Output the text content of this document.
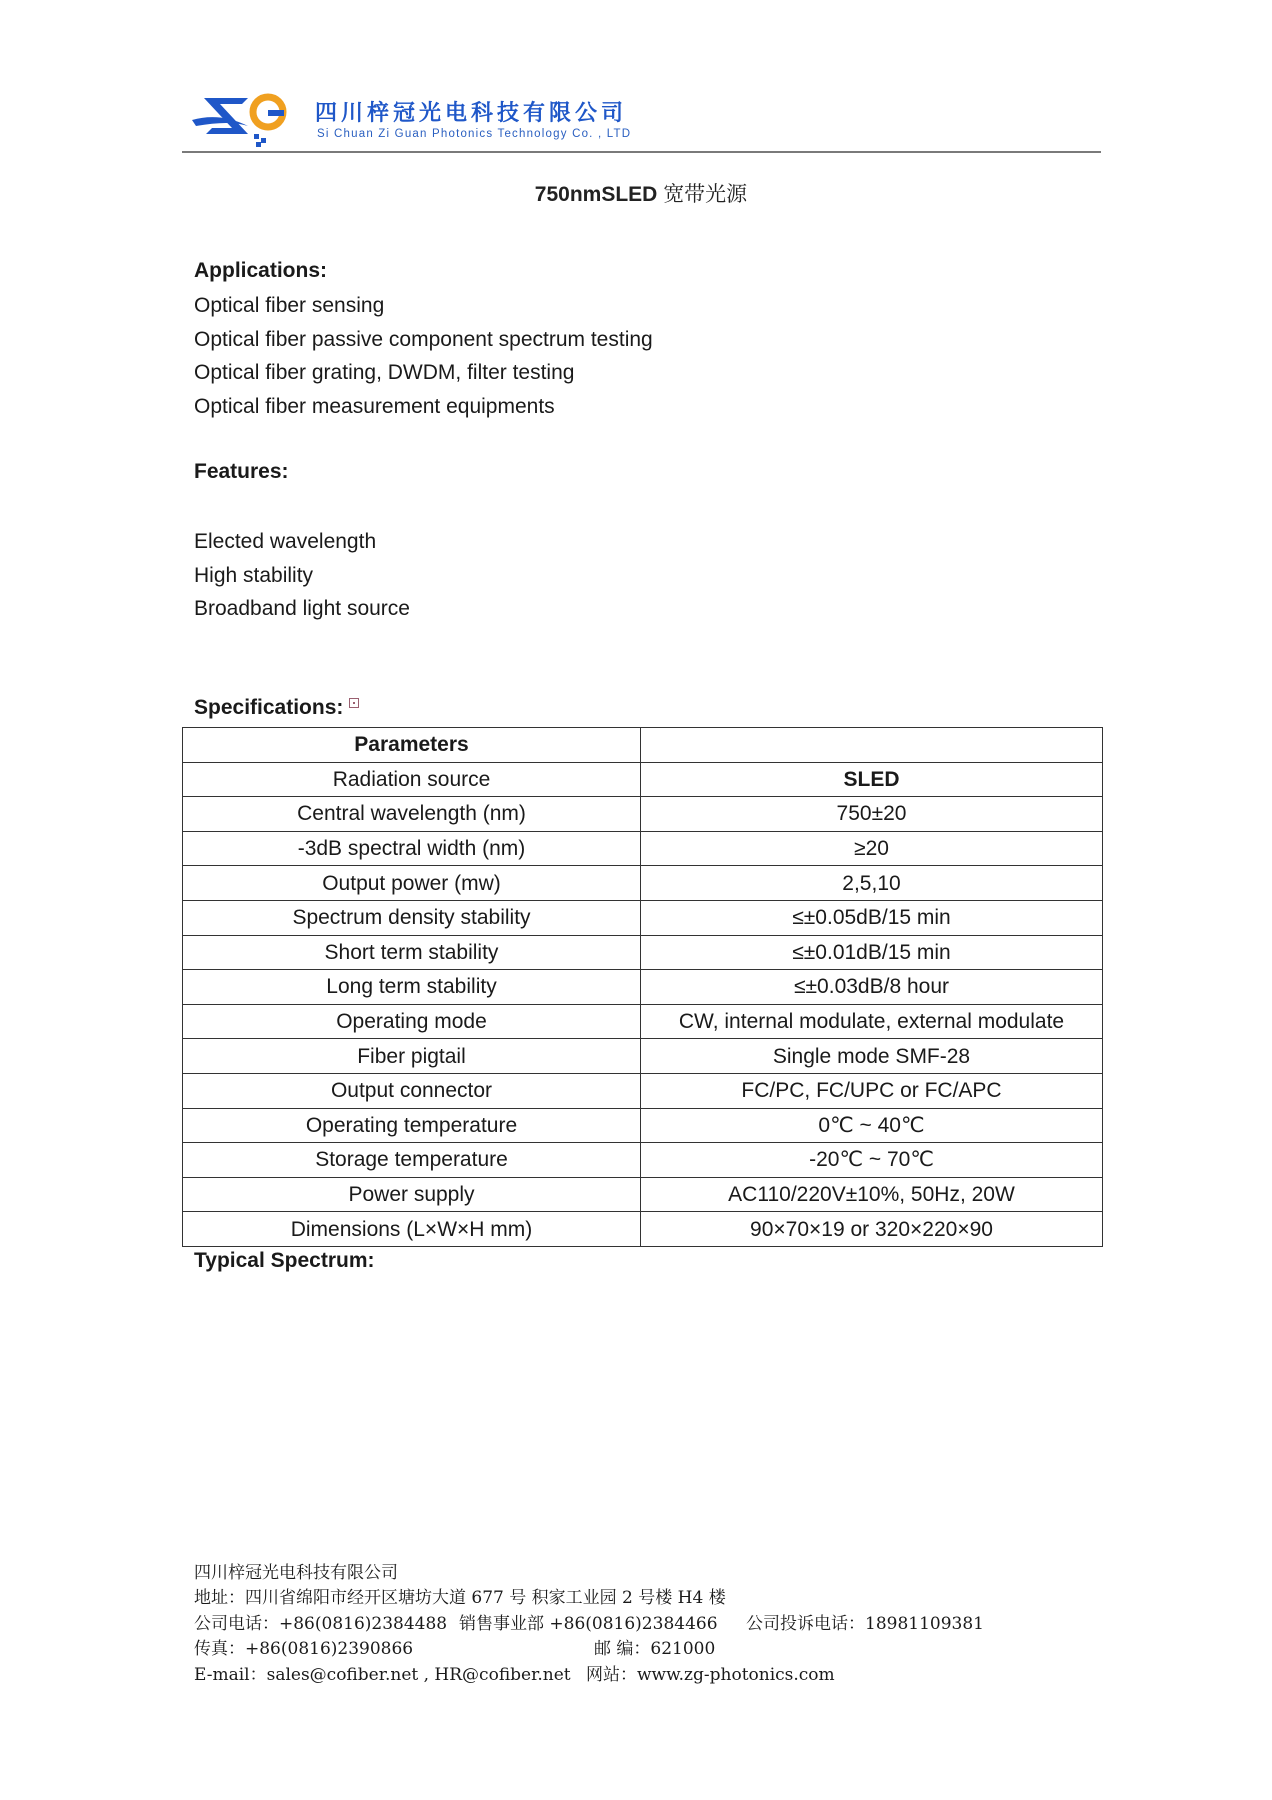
四川梓冠光电科技有限公司
Si Chuan Zi Guan Photonics Technology Co. , LTD
750nmSLED 宽带光源
Applications:
Optical fiber sensing
Optical fiber passive component spectrum testing
Optical fiber grating, DWDM, filter testing
Optical fiber measurement equipments
Features:
Elected wavelength
High stability
Broadband light source
Specifications:
Parameters	
Radiation source	SLED
Central wavelength (nm)	750±20
-3dB spectral width (nm)	≥20
Output power (mw)	2,5,10
Spectrum density stability	≤±0.05dB/15 min
Short term stability	≤±0.01dB/15 min
Long term stability	≤±0.03dB/8 hour
Operating mode	CW, internal modulate, external modulate
Fiber pigtail	Single mode SMF-28
Output connector	FC/PC, FC/UPC or FC/APC
Operating temperature	0℃ ~ 40℃
Storage temperature	-20℃ ~ 70℃
Power supply	AC110/220V±10%, 50Hz, 20W
Dimensions (L×W×H mm)	90×70×19 or 320×220×90
Typical Spectrum:
四川梓冠光电科技有限公司
地址：四川省绵阳市经开区塘坊大道 677 号 积家工业园 2 号楼 H4 楼
公司电话：+86(0816)2384488 销售事业部 +86(0816)2384466 公司投诉电话：18981109381
传真：+86(0816)2390866	邮 编：621000
E-mail：sales@cofiber.net , HR@cofiber.net 网站：www.zg-photonics.com
